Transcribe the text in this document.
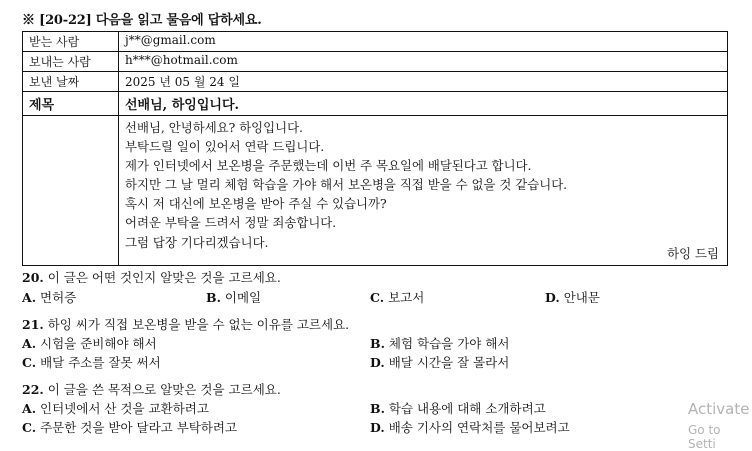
※ [20-22] 다음을 읽고 물음에 답하세요.
받는 사람	j**@gmail.com
보내는 사람	h***@hotmail.com
보낸 날짜	2025 년 05 월 24 일
제목	선배님, 하잉입니다.
선배님, 안녕하세요? 하잉입니다.
부탁드릴 일이 있어서 연락 드립니다.
제가 인터넷에서 보온병을 주문했는데 이번 주 목요일에 배달된다고 합니다.
하지만 그 날 멀리 체험 학습을 가야 해서 보온병을 직접 받을 수 없을 것 같습니다.
혹시 저 대신에 보온병을 받아 주실 수 있습니까?
어려운 부탁을 드려서 정말 죄송합니다.
그럼 답장 기다리겠습니다.
하잉 드림
20. 이 글은 어떤 것인지 알맞은 것을 고르세요.
A. 면허증	B. 이메일	C. 보고서	D. 안내문
21. 하잉 씨가 직접 보온병을 받을 수 없는 이유를 고르세요.
A. 시험을 준비해야 해서	B. 체험 학습을 가야 해서
C. 배달 주소를 잘못 써서	D. 배달 시간을 잘 몰라서
22. 이 글을 쓴 목적으로 알맞은 것을 고르세요.
A. 인터넷에서 산 것을 교환하려고	B. 학습 내용에 대해 소개하려고
C. 주문한 것을 받아 달라고 부탁하려고	D. 배송 기사의 연락처를 물어보려고
Activate
Go to Setti
